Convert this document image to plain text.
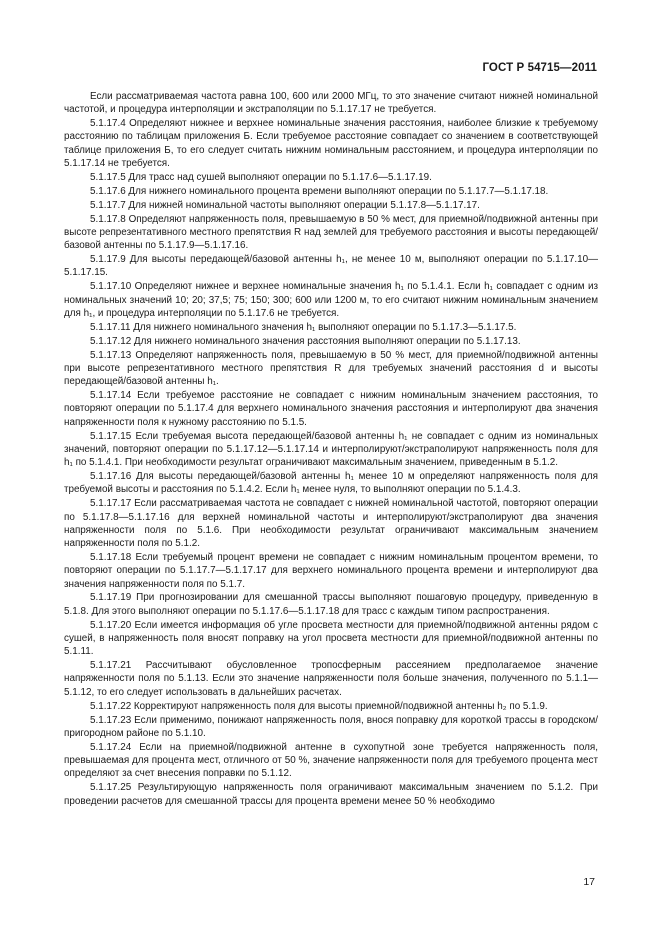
ГОСТ Р 54715—2011

Если рассматриваемая частота равна 100, 600 или 2000 МГц, то это значение считают нижней номинальной частотой, и процедура интерполяции и экстраполяции по 5.1.17.17 не требуется.

5.1.17.4 Определяют нижнее и верхнее номинальные значения расстояния, наиболее близкие к требуемому расстоянию по таблицам приложения Б. Если требуемое расстояние совпадает со значением в соответствующей таблице приложения Б, то его следует считать нижним номинальным расстоянием, и процедура интерполяции по 5.1.17.14 не требуется.

5.1.17.5 Для трасс над сушей выполняют операции по 5.1.17.6—5.1.17.19.

5.1.17.6 Для нижнего номинального процента времени выполняют операции по 5.1.17.7—5.1.17.18.

5.1.17.7 Для нижней номинальной частоты выполняют операции 5.1.17.8—5.1.17.17.

5.1.17.8 Определяют напряженность поля, превышаемую в 50 % мест, для приемной/подвижной антенны при высоте репрезентативного местного препятствия R над землей для требуемого расстояния и высоты передающей/базовой антенны по 5.1.17.9—5.1.17.16.

5.1.17.9 Для высоты передающей/базовой антенны h₁, не менее 10 м, выполняют операции по 5.1.17.10—5.1.17.15.

5.1.17.10 Определяют нижнее и верхнее номинальные значения h₁ по 5.1.4.1. Если h₁ совпадает с одним из номинальных значений 10; 20; 37,5; 75; 150; 300; 600 или 1200 м, то его считают нижним номинальным значением для h₁, и процедура интерполяции по 5.1.17.6 не требуется.

5.1.17.11 Для нижнего номинального значения h₁ выполняют операции по 5.1.17.3—5.1.17.5.

5.1.17.12 Для нижнего номинального значения расстояния выполняют операции по 5.1.17.13.

5.1.17.13 Определяют напряженность поля, превышаемую в 50 % мест, для приемной/подвижной антенны при высоте репрезентативного местного препятствия R для требуемых значений расстояния d и высоты передающей/базовой антенны h₁.

5.1.17.14 Если требуемое расстояние не совпадает с нижним номинальным значением расстояния, то повторяют операции по 5.1.17.4 для верхнего номинального значения расстояния и интерполируют два значения напряженности поля к нужному расстоянию по 5.1.5.

5.1.17.15 Если требуемая высота передающей/базовой антенны h₁ не совпадает с одним из номинальных значений, повторяют операции по 5.1.17.12—5.1.17.14 и интерполируют/экстраполируют напряженность поля для h₁ по 5.1.4.1. При необходимости результат ограничивают максимальным значением, приведенным в 5.1.2.

5.1.17.16 Для высоты передающей/базовой антенны h₁ менее 10 м определяют напряженность поля для требуемой высоты и расстояния по 5.1.4.2. Если h₁ менее нуля, то выполняют операции по 5.1.4.3.

5.1.17.17 Если рассматриваемая частота не совпадает с нижней номинальной частотой, повторяют операции по 5.1.17.8—5.1.17.16 для верхней номинальной частоты и интерполируют/экстраполируют два значения напряженности поля по 5.1.6. При необходимости результат ограничивают максимальным значением напряженности поля по 5.1.2.

5.1.17.18 Если требуемый процент времени не совпадает с нижним номинальным процентом времени, то повторяют операции по 5.1.17.7—5.1.17.17 для верхнего номинального процента времени и интерполируют два значения напряженности поля по 5.1.7.

5.1.17.19 При прогнозировании для смешанной трассы выполняют пошаговую процедуру, приведенную в 5.1.8. Для этого выполняют операции по 5.1.17.6—5.1.17.18 для трасс с каждым типом распространения.

5.1.17.20 Если имеется информация об угле просвета местности для приемной/подвижной антенны рядом с сушей, в напряженность поля вносят поправку на угол просвета местности для приемной/подвижной антенны по 5.1.11.

5.1.17.21 Рассчитывают обусловленное тропосферным рассеянием предполагаемое значение напряженности поля по 5.1.13. Если это значение напряженности поля больше значения, полученного по 5.1.1—5.1.12, то его следует использовать в дальнейших расчетах.

5.1.17.22 Корректируют напряженность поля для высоты приемной/подвижной антенны h₂ по 5.1.9.

5.1.17.23 Если применимо, понижают напряженность поля, внося поправку для короткой трассы в городском/пригородном районе по 5.1.10.

5.1.17.24 Если на приемной/подвижной антенне в сухопутной зоне требуется напряженность поля, превышаемая для процента мест, отличного от 50 %, значение напряженности поля для требуемого процента мест определяют за счет внесения поправки по 5.1.12.

5.1.17.25 Результирующую напряженность поля ограничивают максимальным значением по 5.1.2. При проведении расчетов для смешанной трассы для процента времени менее 50 % необходимо

17
